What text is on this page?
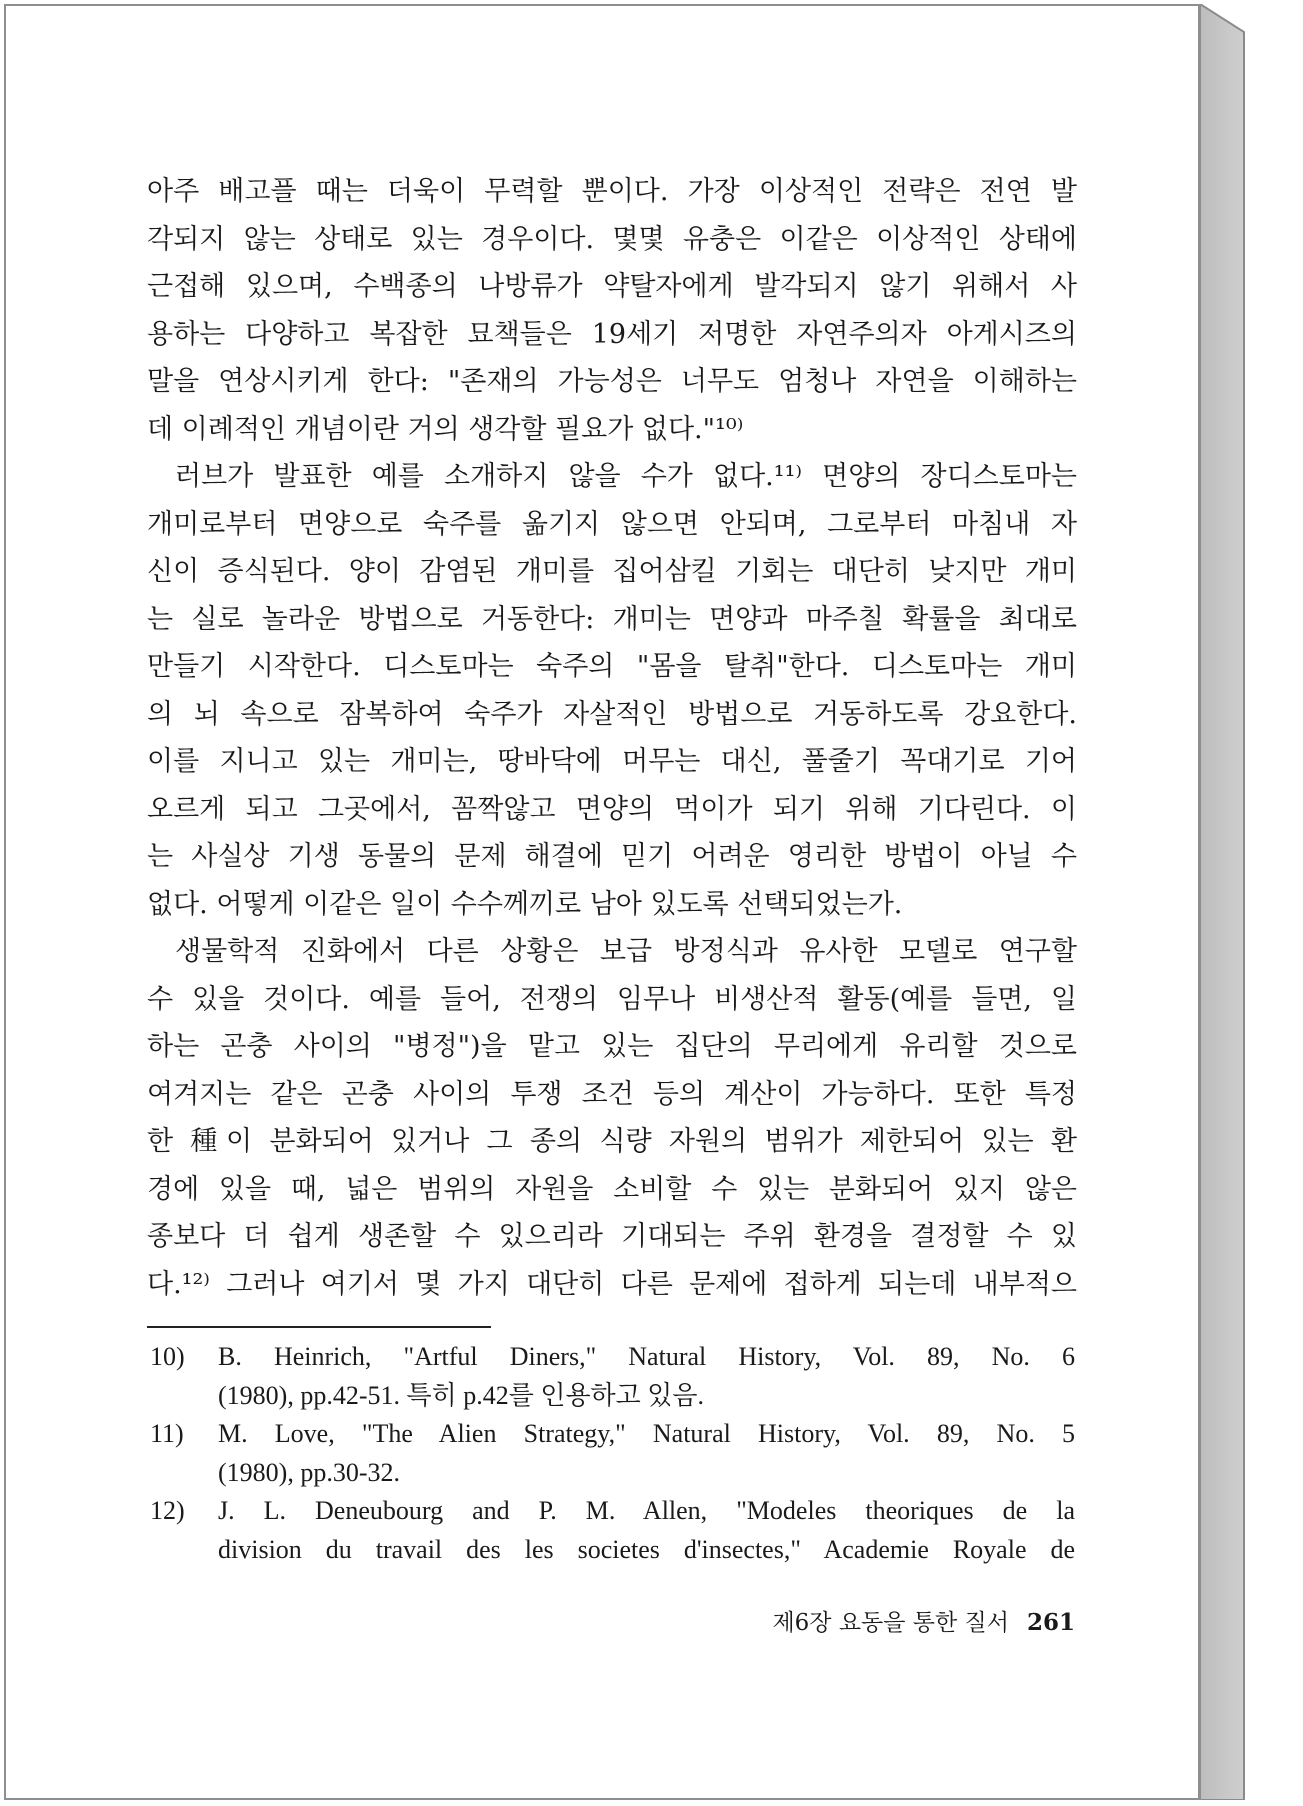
아주 배고플 때는 더욱이 무력할 뿐이다. 가장 이상적인 전략은 전연 발
각되지 않는 상태로 있는 경우이다. 몇몇 유충은 이같은 이상적인 상태에
근접해 있으며, 수백종의 나방류가 약탈자에게 발각되지 않기 위해서 사
용하는 다양하고 복잡한 묘책들은 19세기 저명한 자연주의자 아게시즈의
말을 연상시키게 한다: "존재의 가능성은 너무도 엄청나 자연을 이해하는
데 이례적인 개념이란 거의 생각할 필요가 없다."¹⁰⁾
러브가 발표한 예를 소개하지 않을 수가 없다.¹¹⁾ 면양의 장디스토마는
개미로부터 면양으로 숙주를 옮기지 않으면 안되며, 그로부터 마침내 자
신이 증식된다. 양이 감염된 개미를 집어삼킬 기회는 대단히 낮지만 개미
는 실로 놀라운 방법으로 거동한다: 개미는 면양과 마주칠 확률을 최대로
만들기 시작한다. 디스토마는 숙주의 "몸을 탈취"한다. 디스토마는 개미
의 뇌 속으로 잠복하여 숙주가 자살적인 방법으로 거동하도록 강요한다.
이를 지니고 있는 개미는, 땅바닥에 머무는 대신, 풀줄기 꼭대기로 기어
오르게 되고 그곳에서, 꼼짝않고 면양의 먹이가 되기 위해 기다린다. 이
는 사실상 기생 동물의 문제 해결에 믿기 어려운 영리한 방법이 아닐 수
없다. 어떻게 이같은 일이 수수께끼로 남아 있도록 선택되었는가.
생물학적 진화에서 다른 상황은 보급 방정식과 유사한 모델로 연구할
수 있을 것이다. 예를 들어, 전쟁의 임무나 비생산적 활동(예를 들면, 일
하는 곤충 사이의 "병정")을 맡고 있는 집단의 무리에게 유리할 것으로
여겨지는 같은 곤충 사이의 투쟁 조건 등의 계산이 가능하다. 또한 특정
한 種이 분화되어 있거나 그 종의 식량 자원의 범위가 제한되어 있는 환
경에 있을 때, 넓은 범위의 자원을 소비할 수 있는 분화되어 있지 않은
종보다 더 쉽게 생존할 수 있으리라 기대되는 주위 환경을 결정할 수 있
다.¹²⁾ 그러나 여기서 몇 가지 대단히 다른 문제에 접하게 되는데 내부적으
10)	B. Heinrich, "Artful Diners," Natural History, Vol. 89, No. 6
(1980), pp.42-51. 특히 p.42를 인용하고 있음.
11)	M. Love, "The Alien Strategy," Natural History, Vol. 89, No. 5
(1980), pp.30-32.
12)	J. L. Deneubourg and P. M. Allen, "Modeles theoriques de la
division du travail des les societes d'insectes," Academie Royale de
제6장 요동을 통한 질서 261
